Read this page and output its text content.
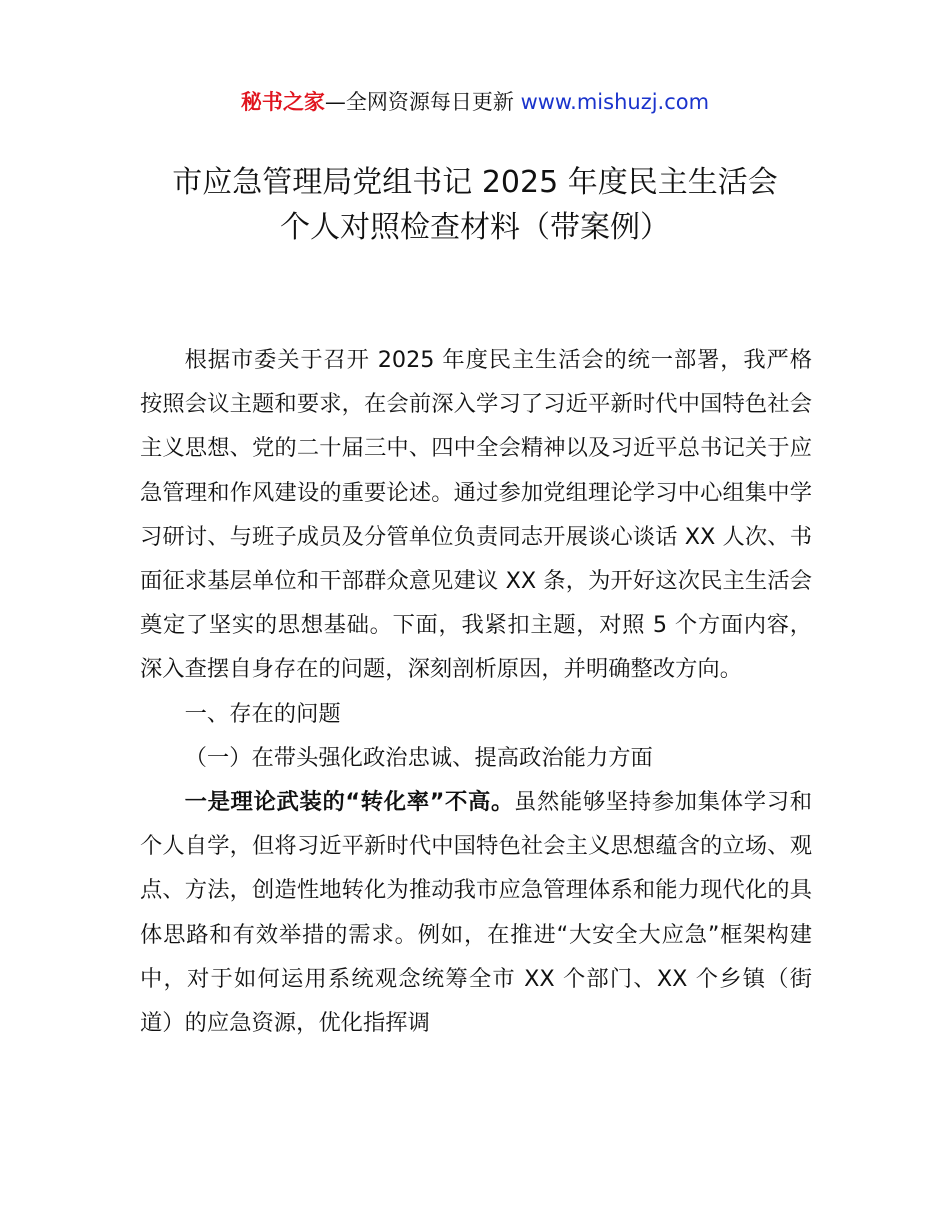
秘书之家—全网资源每日更新 www.mishuzj.com
市应急管理局党组书记 2025 年度民主生活会
个人对照检查材料（带案例）

根据市委关于召开 2025 年度民主生活会的统一部署，我严格按照会议主题和要求，在会前深入学习了习近平新时代中国特色社会主义思想、党的二十届三中、四中全会精神以及习近平总书记关于应急管理和作风建设的重要论述。通过参加党组理论学习中心组集中学习研讨、与班子成员及分管单位负责同志开展谈心谈话 XX 人次、书面征求基层单位和干部群众意见建议 XX 条，为开好这次民主生活会奠定了坚实的思想基础。下面，我紧扣主题，对照 5 个方面内容，深入查摆自身存在的问题，深刻剖析原因，并明确整改方向。

一、存在的问题

（一）在带头强化政治忠诚、提高政治能力方面

一是理论武装的“转化率”不高。虽然能够坚持参加集体学习和个人自学，但将习近平新时代中国特色社会主义思想蕴含的立场、观点、方法，创造性地转化为推动我市应急管理体系和能力现代化的具体思路和有效举措的需求。例如，在推进“大安全大应急”框架构建中，对于如何运用系统观念统筹全市 XX 个部门、XX 个乡镇（街道）的应急资源，优化指挥调
